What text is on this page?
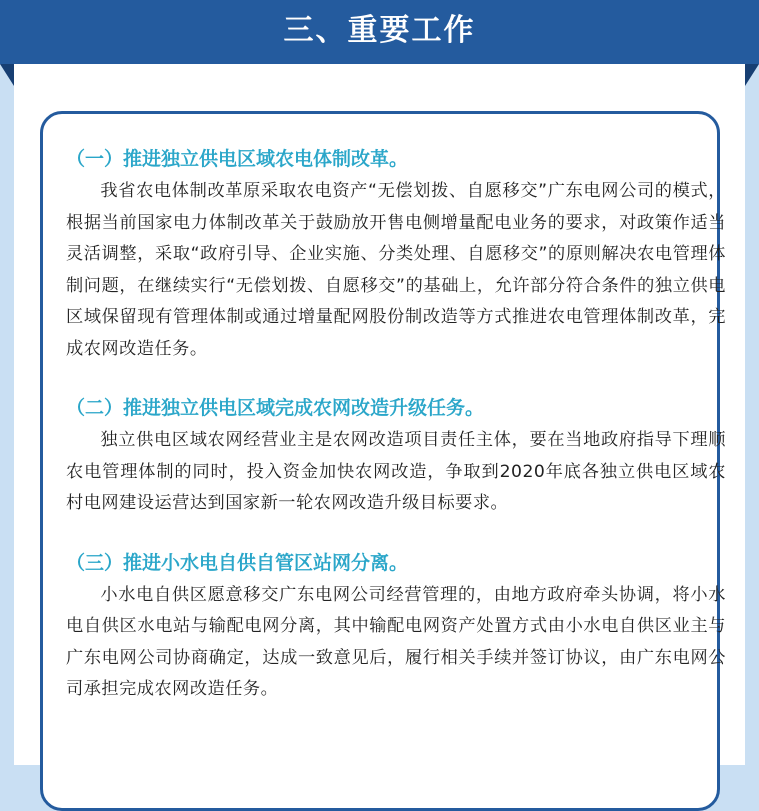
三、重要工作
（一）推进独立供电区域农电体制改革。
我省农电体制改革原采取农电资产“无偿划拨、自愿移交”广东电网公司的模式，根据当前国家电力体制改革关于鼓励放开售电侧增量配电业务的要求，对政策作适当灵活调整，采取“政府引导、企业实施、分类处理、自愿移交”的原则解决农电管理体制问题，在继续实行“无偿划拨、自愿移交”的基础上，允许部分符合条件的独立供电区域保留现有管理体制或通过增量配网股份制改造等方式推进农电管理体制改革，完成农网改造任务。
（二）推进独立供电区域完成农网改造升级任务。
独立供电区域农网经营业主是农网改造项目责任主体，要在当地政府指导下理顺农电管理体制的同时，投入资金加快农网改造，争取到2020年底各独立供电区域农村电网建设运营达到国家新一轮农网改造升级目标要求。
（三）推进小水电自供自管区站网分离。
小水电自供区愿意移交广东电网公司经营管理的，由地方政府牵头协调，将小水电自供区水电站与输配电网分离，其中输配电网资产处置方式由小水电自供区业主与广东电网公司协商确定，达成一致意见后，履行相关手续并签订协议，由广东电网公司承担完成农网改造任务。
